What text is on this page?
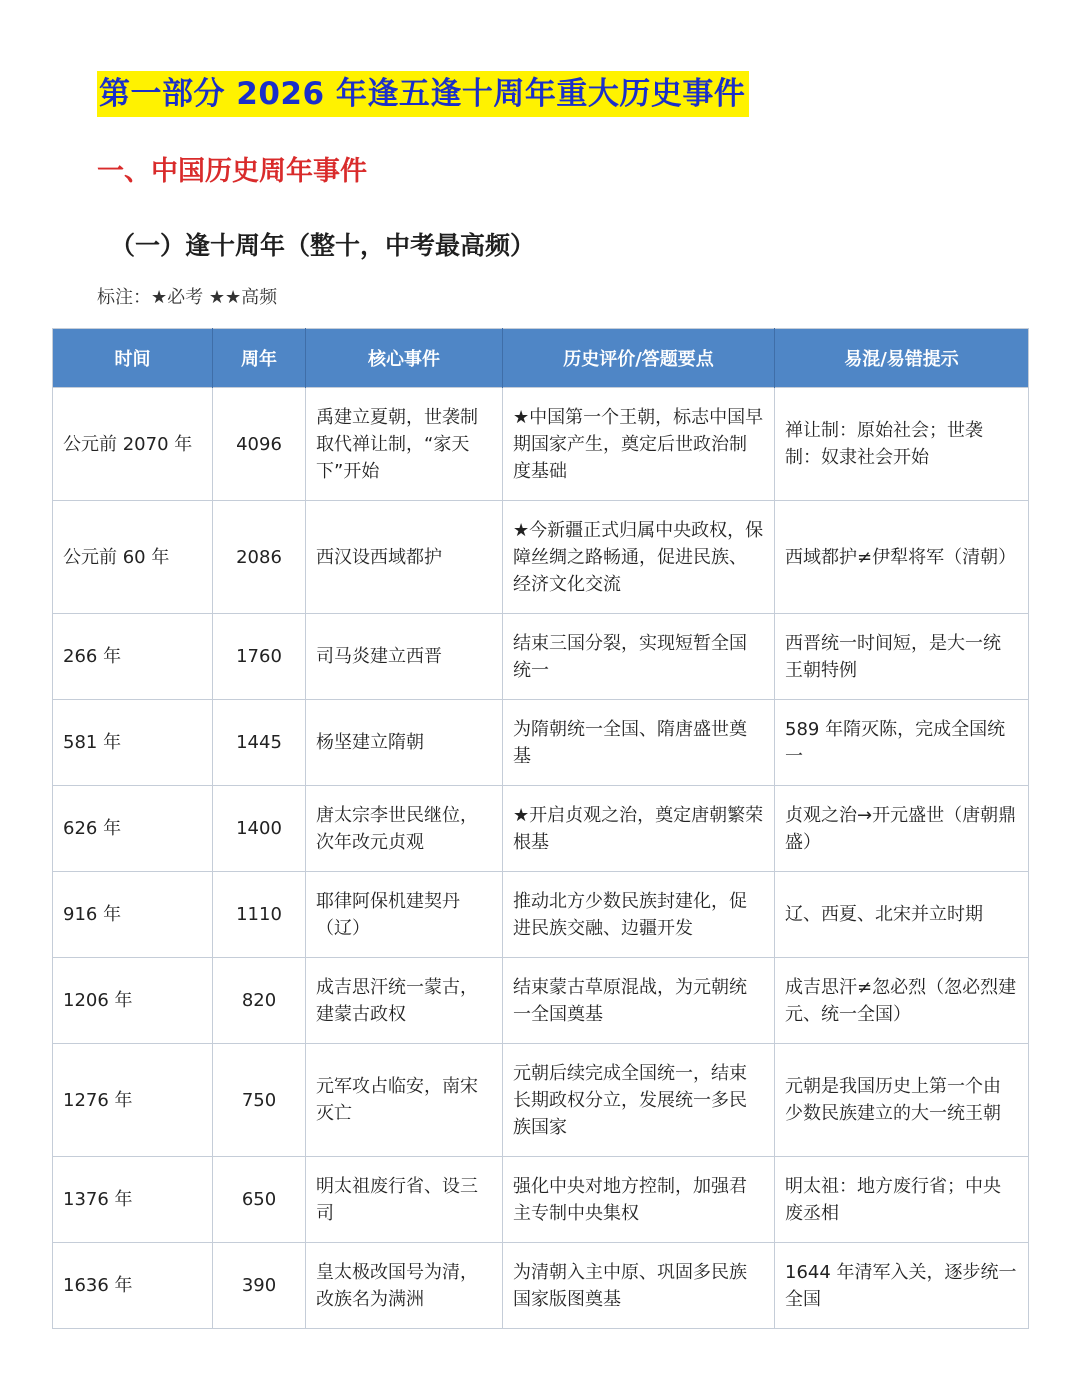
第一部分 2026 年逢五逢十周年重大历史事件
一、中国历史周年事件
（一）逢十周年（整十，中考最高频）
标注：★必考 ★★高频
时间	周年	核心事件	历史评价/答题要点	易混/易错提示
公元前 2070 年	4096	禹建立夏朝，世袭制取代禅让制，“家天下”开始	★中国第一个王朝，标志中国早期国家产生，奠定后世政治制度基础	禅让制：原始社会；世袭制：奴隶社会开始
公元前 60 年	2086	西汉设西域都护	★今新疆正式归属中央政权，保障丝绸之路畅通，促进民族、经济文化交流	西域都护≠伊犁将军（清朝）
266 年	1760	司马炎建立西晋	结束三国分裂，实现短暂全国统一	西晋统一时间短，是大一统王朝特例
581 年	1445	杨坚建立隋朝	为隋朝统一全国、隋唐盛世奠基	589 年隋灭陈，完成全国统一
626 年	1400	唐太宗李世民继位，次年改元贞观	★开启贞观之治，奠定唐朝繁荣根基	贞观之治→开元盛世（唐朝鼎盛）
916 年	1110	耶律阿保机建契丹（辽）	推动北方少数民族封建化，促进民族交融、边疆开发	辽、西夏、北宋并立时期
1206 年	820	成吉思汗统一蒙古，建蒙古政权	结束蒙古草原混战，为元朝统一全国奠基	成吉思汗≠忽必烈（忽必烈建元、统一全国）
1276 年	750	元军攻占临安，南宋灭亡	元朝后续完成全国统一，结束长期政权分立，发展统一多民族国家	元朝是我国历史上第一个由少数民族建立的大一统王朝
1376 年	650	明太祖废行省、设三司	强化中央对地方控制，加强君主专制中央集权	明太祖：地方废行省；中央废丞相
1636 年	390	皇太极改国号为清，改族名为满洲	为清朝入主中原、巩固多民族国家版图奠基	1644 年清军入关，逐步统一全国
